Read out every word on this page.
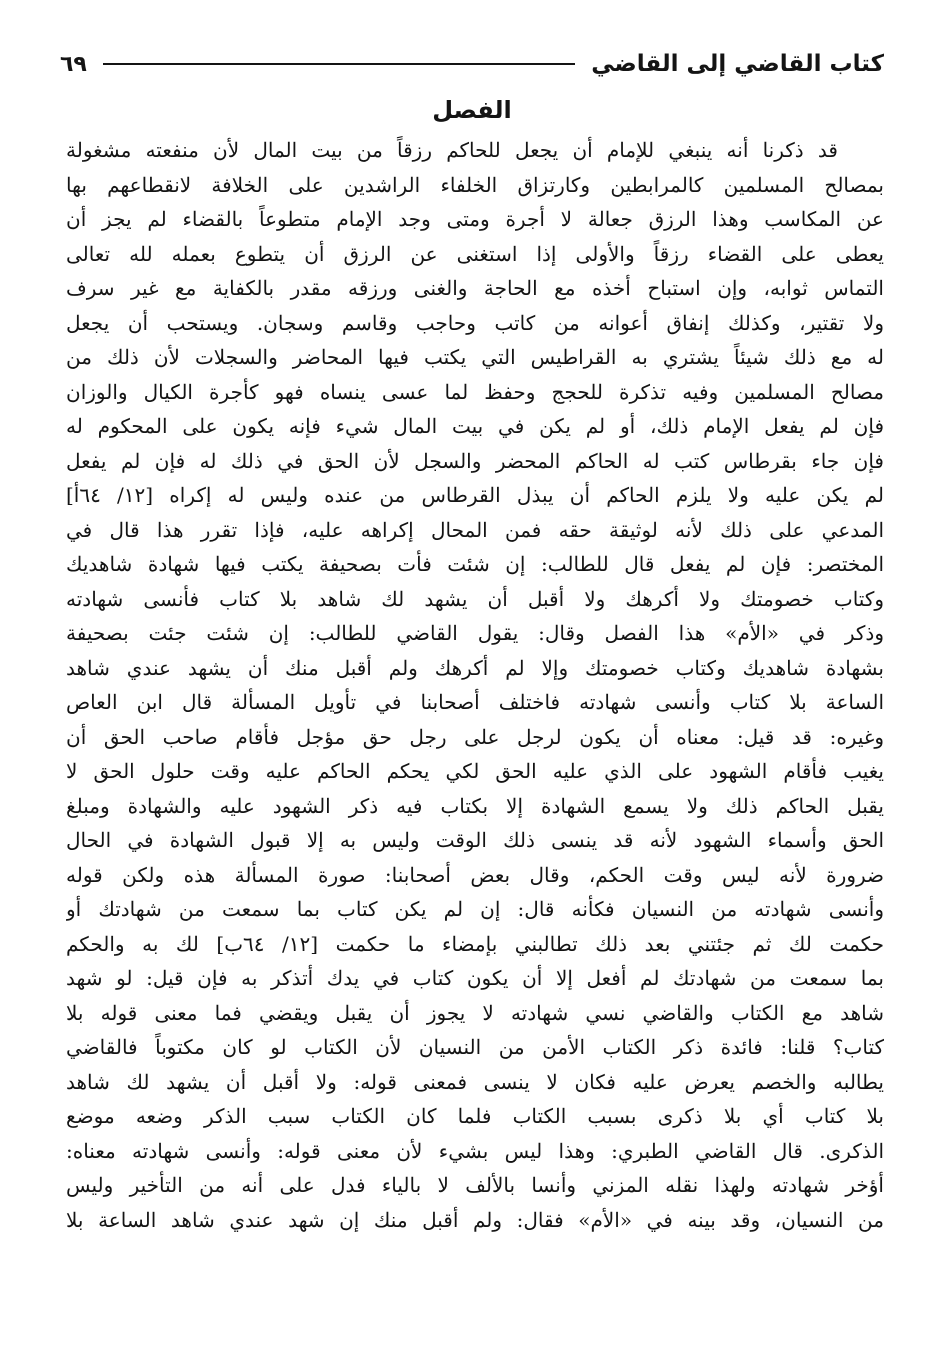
كتاب القاضي إلى القاضي
٦٩
الفصل
قد ذكرنا أنه ينبغي للإمام أن يجعل للحاكم رزقاً من بيت المال لأن منفعته مشغولة
بمصالح المسلمين كالمرابطين وكارتزاق الخلفاء الراشدين على الخلافة لانقطاعهم بها
عن المكاسب وهذا الرزق جعالة لا أجرة ومتى وجد الإمام متطوعاً بالقضاء لم يجز أن
يعطى على القضاء رزقاً والأولى إذا استغنى عن الرزق أن يتطوع بعمله لله تعالى
التماس ثوابه، وإن استباح أخذه مع الحاجة والغنى ورزقه مقدر بالكفاية مع غير سرف
ولا تقتير، وكذلك إنفاق أعوانه من كاتب وحاجب وقاسم وسجان. ويستحب أن يجعل
له مع ذلك شيئاً يشتري به القراطيس التي يكتب فيها المحاضر والسجلات لأن ذلك من
مصالح المسلمين وفيه تذكرة للحجج وحفظ لما عسى ينساه فهو كأجرة الكيال والوزان
فإن لم يفعل الإمام ذلك، أو لم يكن في بيت المال شيء فإنه يكون على المحكوم له
فإن جاء بقرطاس كتب له الحاكم المحضر والسجل لأن الحق في ذلك له فإن لم يفعل
لم يكن عليه ولا يلزم الحاكم أن يبذل القرطاس من عنده وليس له إكراه [١٢/ ٦٤أ]
المدعي على ذلك لأنه لوثيقة حقه فمن المحال إكراهه عليه، فإذا تقرر هذا قال في
المختصر: فإن لم يفعل قال للطالب: إن شئت فأت بصحيفة يكتب فيها شهادة شاهديك
وكتاب خصومتك ولا أكرهك ولا أقبل أن يشهد لك شاهد بلا كتاب فأنسى شهادته
وذكر في «الأم» هذا الفصل وقال: يقول القاضي للطالب: إن شئت جئت بصحيفة
بشهادة شاهديك وكتاب خصومتك وإلا لم أكرهك ولم أقبل منك أن يشهد عندي شاهد
الساعة بلا كتاب وأنسى شهادته فاختلف أصحابنا في تأويل المسألة قال ابن العاص
وغيره: قد قيل: معناه أن يكون لرجل على رجل حق مؤجل فأقام صاحب الحق أن
يغيب فأقام الشهود على الذي عليه الحق لكي يحكم الحاكم عليه وقت حلول الحق لا
يقبل الحاكم ذلك ولا يسمع الشهادة إلا بكتاب فيه ذكر الشهود عليه والشهادة ومبلغ
الحق وأسماء الشهود لأنه قد ينسى ذلك الوقت وليس به إلا قبول الشهادة في الحال
ضرورة لأنه ليس وقت الحكم، وقال بعض أصحابنا: صورة المسألة هذه ولكن قوله
وأنسى شهادته من النسيان فكأنه قال: إن لم يكن كتاب بما سمعت من شهادتك أو
حكمت لك ثم جئتني بعد ذلك تطالبني بإمضاء ما حكمت [١٢/ ٦٤ب] لك به والحكم
بما سمعت من شهادتك لم أفعل إلا أن يكون كتاب في يدك أتذكر به فإن قيل: لو شهد
شاهد مع الكتاب والقاضي نسي شهادته لا يجوز أن يقبل ويقضي فما معنى قوله بلا
كتاب؟ قلنا: فائدة ذكر الكتاب الأمن من النسيان لأن الكتاب لو كان مكتوباً فالقاضي
يطالبه والخصم يعرض عليه فكان لا ينسى فمعنى قوله: ولا أقبل أن يشهد لك شاهد
بلا كتاب أي بلا ذكرى بسبب الكتاب فلما كان الكتاب سبب الذكر وضعه موضع
الذكرى. قال القاضي الطبري: وهذا ليس بشيء لأن معنى قوله: وأنسى شهادته معناه:
أؤخر شهادته ولهذا نقله المزني وأنسا بالألف لا بالياء فدل على أنه من التأخير وليس
من النسيان، وقد بينه في «الأم» فقال: ولم أقبل منك إن شهد عندي شاهد الساعة بلا
